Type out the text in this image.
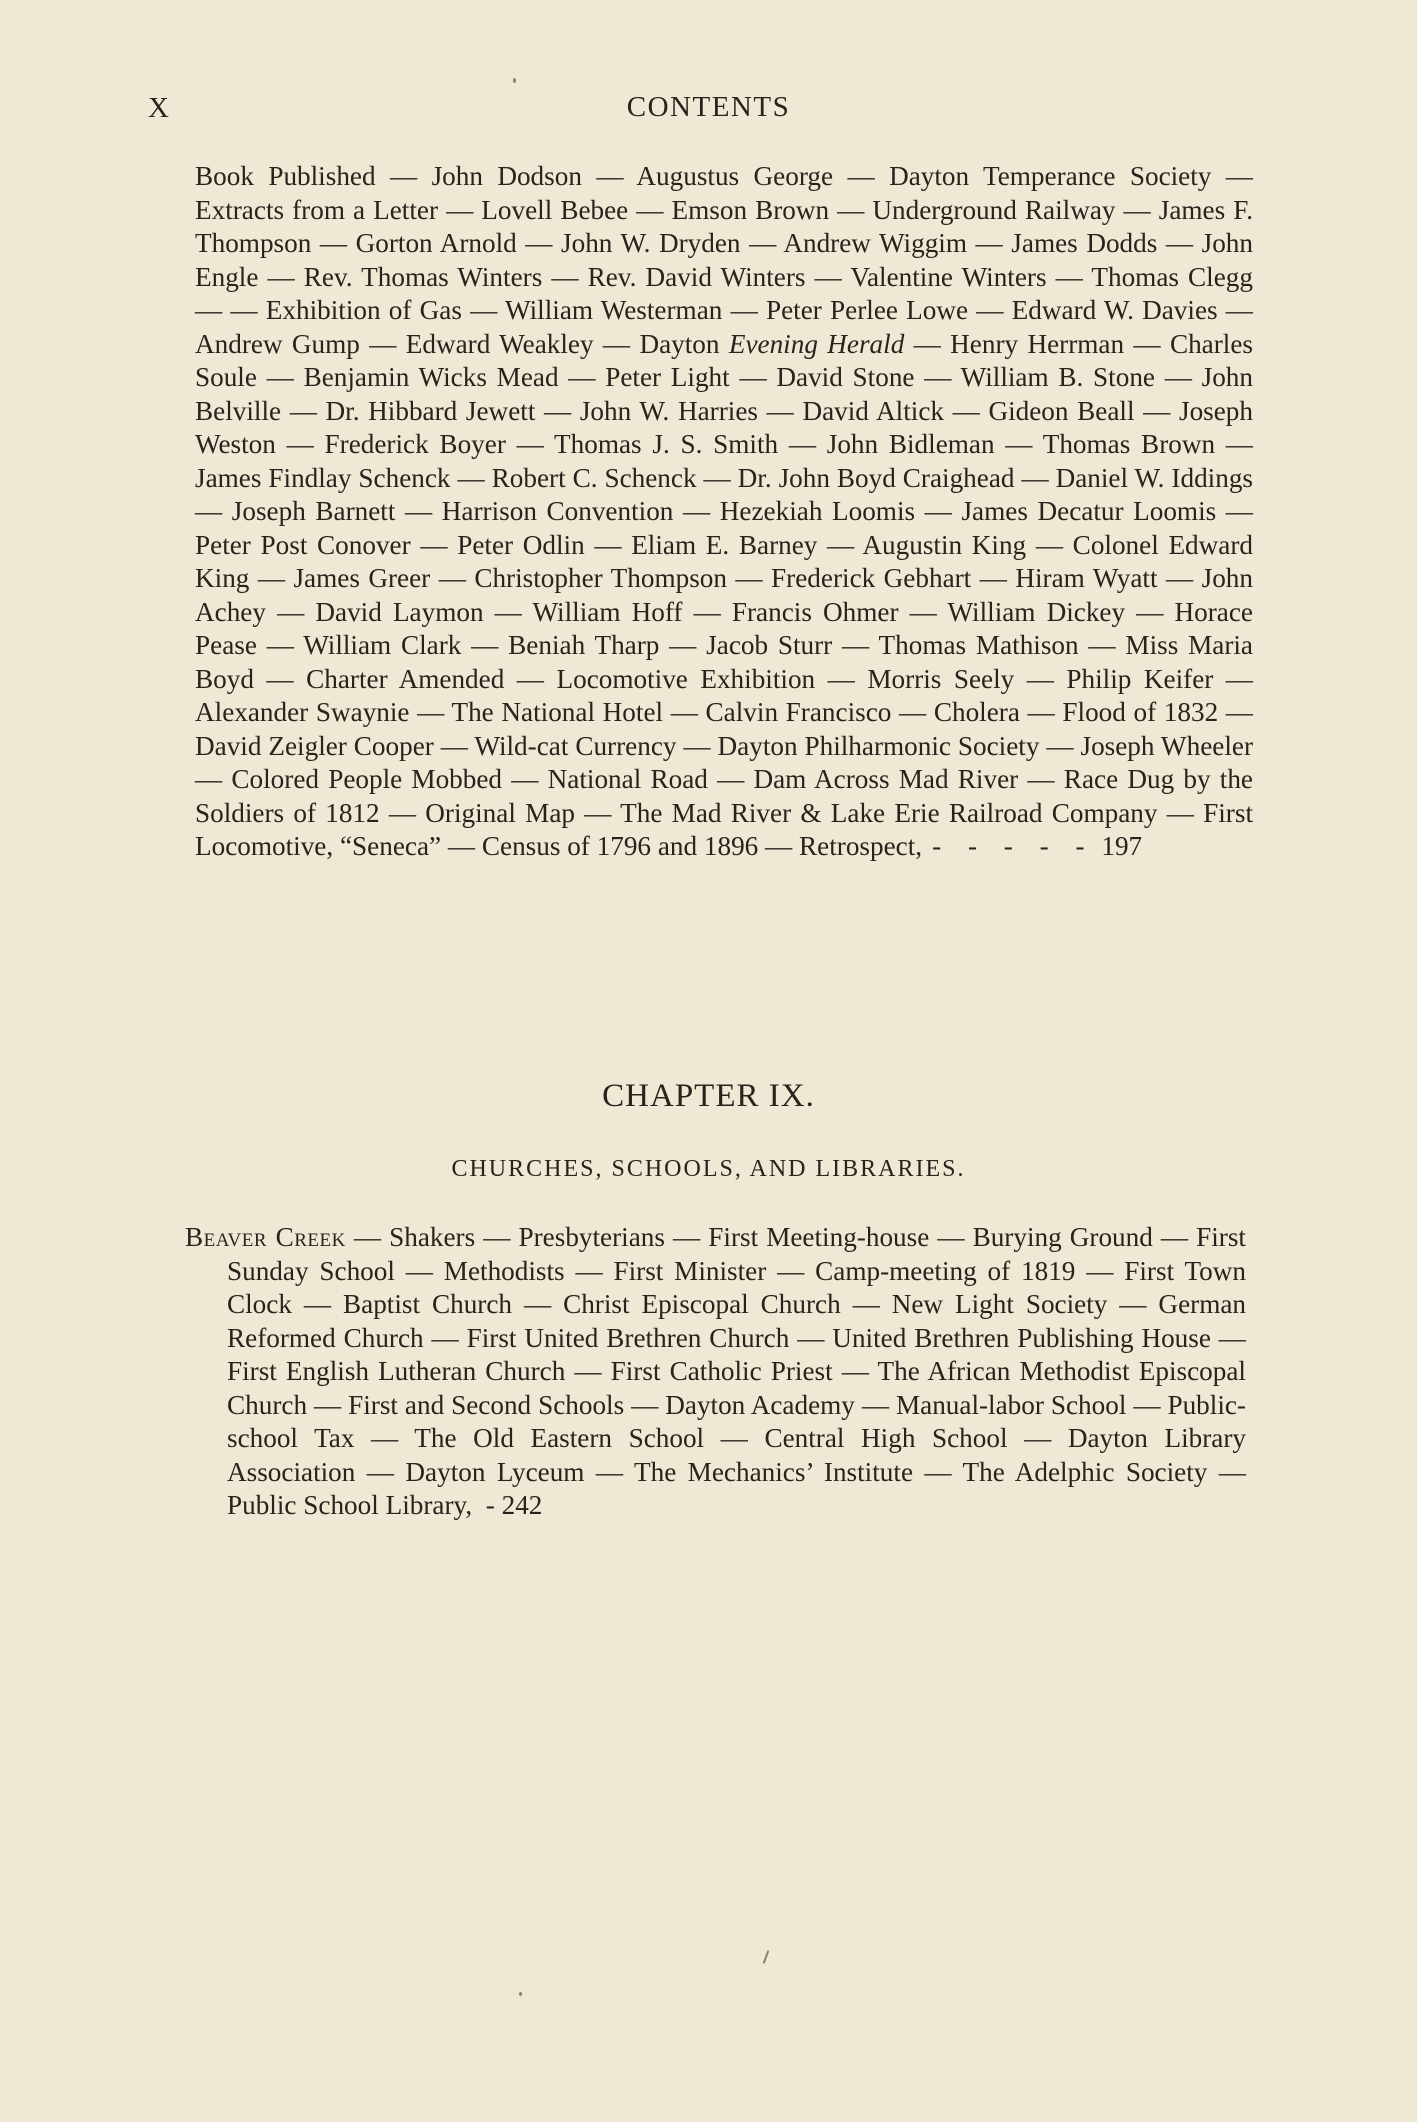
X	CONTENTS

Book Published — John Dodson — Augustus George — Dayton Temperance Society — Extracts from a Letter — Lovell Bebee — Emson Brown — Underground Railway — James F. Thompson — Gorton Arnold — John W. Dryden — Andrew Wiggim — James Dodds — John Engle — Rev. Thomas Winters — Rev. David Winters — Valentine Winters — Thomas Clegg — — Exhibition of Gas — William Westerman — Peter Perlee Lowe — Edward W. Davies — Andrew Gump — Edward Weakley — Dayton Evening Herald — Henry Herrman — Charles Soule — Benjamin Wicks Mead — Peter Light — David Stone — William B. Stone — John Belville — Dr. Hibbard Jewett — John W. Harries — David Altick — Gideon Beall — Joseph Weston — Frederick Boyer — Thomas J. S. Smith — John Bidleman — Thomas Brown — James Findlay Schenck — Robert C. Schenck — Dr. John Boyd Craighead — Daniel W. Iddings — Joseph Barnett — Harrison Convention — Hezekiah Loomis — James Decatur Loomis — Peter Post Conover — Peter Odlin — Eliam E. Barney — Augustin King — Colonel Edward King — James Greer — Christopher Thompson — Frederick Gebhart — Hiram Wyatt — John Achey — David Laymon — William Hoff — Francis Ohmer — William Dickey — Horace Pease — William Clark — Beniah Tharp — Jacob Sturr — Thomas Mathison — Miss Maria Boyd — Charter Amended — Locomotive Exhibition — Morris Seely — Philip Keifer — Alexander Swaynie — The National Hotel — Calvin Francisco — Cholera — Flood of 1832 — David Zeigler Cooper — Wild-cat Currency — Dayton Philharmonic Society — Joseph Wheeler — Colored People Mobbed — National Road — Dam Across Mad River — Race Dug by the Soldiers of 1812 — Original Map — The Mad River & Lake Erie Railroad Company — First Locomotive, “Seneca” — Census of 1796 and 1896 — Retrospect, - - - - - 197

CHAPTER IX.
CHURCHES, SCHOOLS, AND LIBRARIES.

Beaver Creek — Shakers — Presbyterians — First Meeting-house — Burying Ground — First Sunday School — Methodists — First Minister — Camp-meeting of 1819 — First Town Clock — Baptist Church — Christ Episcopal Church — New Light Society — German Reformed Church — First United Brethren Church — United Brethren Publishing House — First English Lutheran Church — First Catholic Priest — The African Methodist Episcopal Church — First and Second Schools — Dayton Academy — Manual-labor School — Public-school Tax — The Old Eastern School — Central High School — Dayton Library Association — Dayton Lyceum — The Mechanics’ Institute — The Adelphic Society — Public School Library, - 242
